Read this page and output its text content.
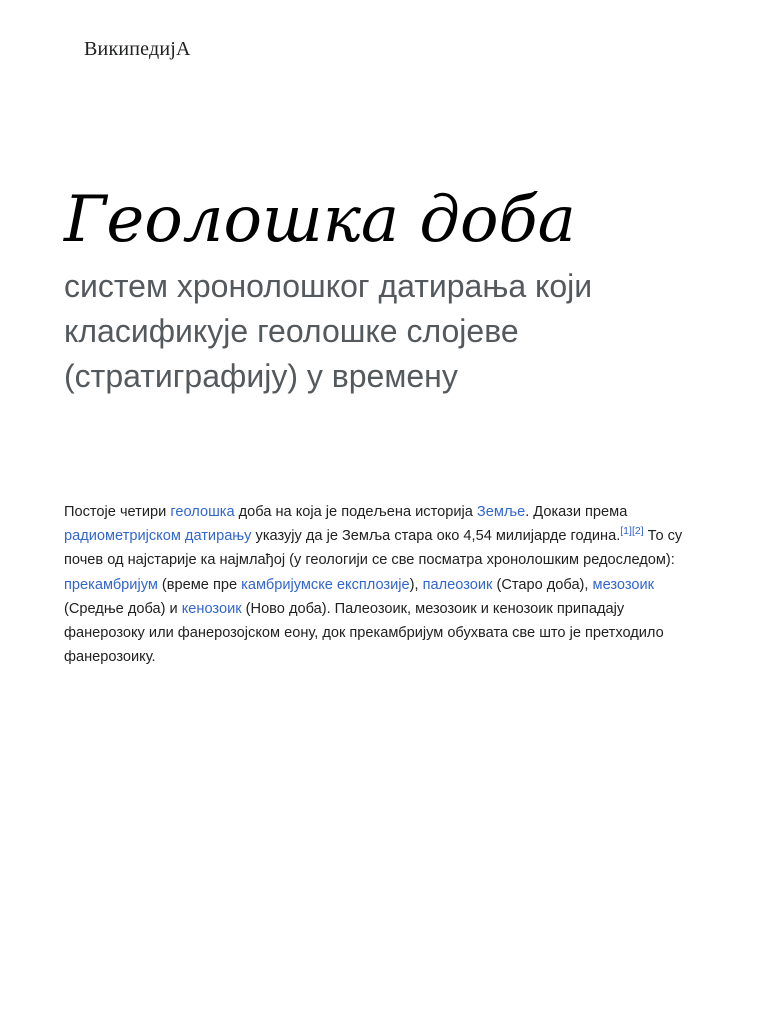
ВикипедијА
Геолошка доба

систем хронолошког датирања који класификује геолошке слојеве (стратиграфију) у времену

Постоје четири геолошка доба на која је подељена историја Земље. Докази према радиометријском датирању указују да је Земља стара око 4,54 милијарде година.[1][2] То су почев од најстарије ка најмлађој (у геологији се све посматра хронолошким редоследом): прекамбријум (време пре камбријумске експлозије), палеозоик (Старо доба), мезозоик (Средње доба) и кенозоик (Ново доба). Палеозоик, мезозоик и кенозоик припадају фанерозоку или фанерозојском еону, док прекамбријум обухвата све што је претходило фанерозоику.
